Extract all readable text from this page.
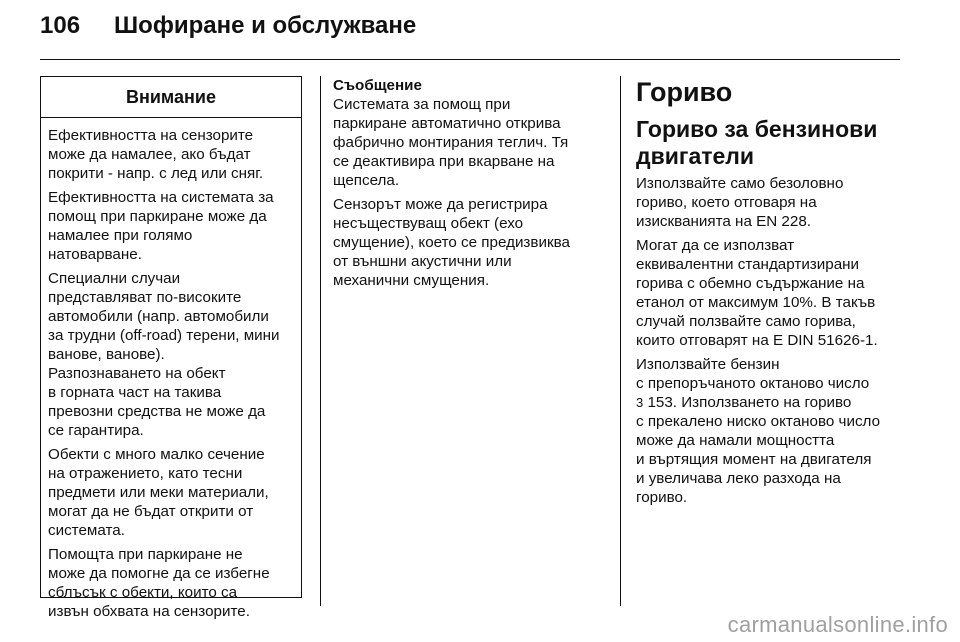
106 Шофиране и обслужване
Внимание

Ефективността на сензорите
може да намалее, ако бъдат
покрити - напр. с лед или сняг.

Ефективността на системата за
помощ при паркиране може да
намалее при голямо
натоварване.

Специални случаи
представляват по-високите
автомобили (напр. автомобили
за трудни (off-road) терени, мини
ванове, ванове).
Разпознаването на обект
в горната част на такива
превозни средства не може да
се гарантира.

Обекти с много малко сечение
на отражението, като тесни
предмети или меки материали,
могат да не бъдат открити от
системата.

Помощта при паркиране не
може да помогне да се избегне
сблъсък с обекти, които са
извън обхвата на сензорите.

Съобщение

Системата за помощ при
паркиране автоматично открива
фабрично монтирания теглич. Тя
се деактивира при вкарване на
щепсела.

Сензорът може да регистрира
несъществуващ обект (ехо
смущение), което се предизвиква
от външни акустични или
механични смущения.

Гориво
Гориво за бензинови
двигатели

Използвайте само безоловно
гориво, което отговаря на
изискванията на EN 228.

Могат да се използват
еквивалентни стандартизирани
горива с обемно съдържание на
етанол от максимум 10%. В такъв
случай ползвайте само горива,
които отговарят на E DIN 51626-1.

Използвайте бензин
с препоръчаното октаново число
3 153. Използването на гориво
с прекалено ниско октаново число
може да намали мощността
и въртящия момент на двигателя
и увеличава леко разхода на
гориво.

carmanualsonline.info
